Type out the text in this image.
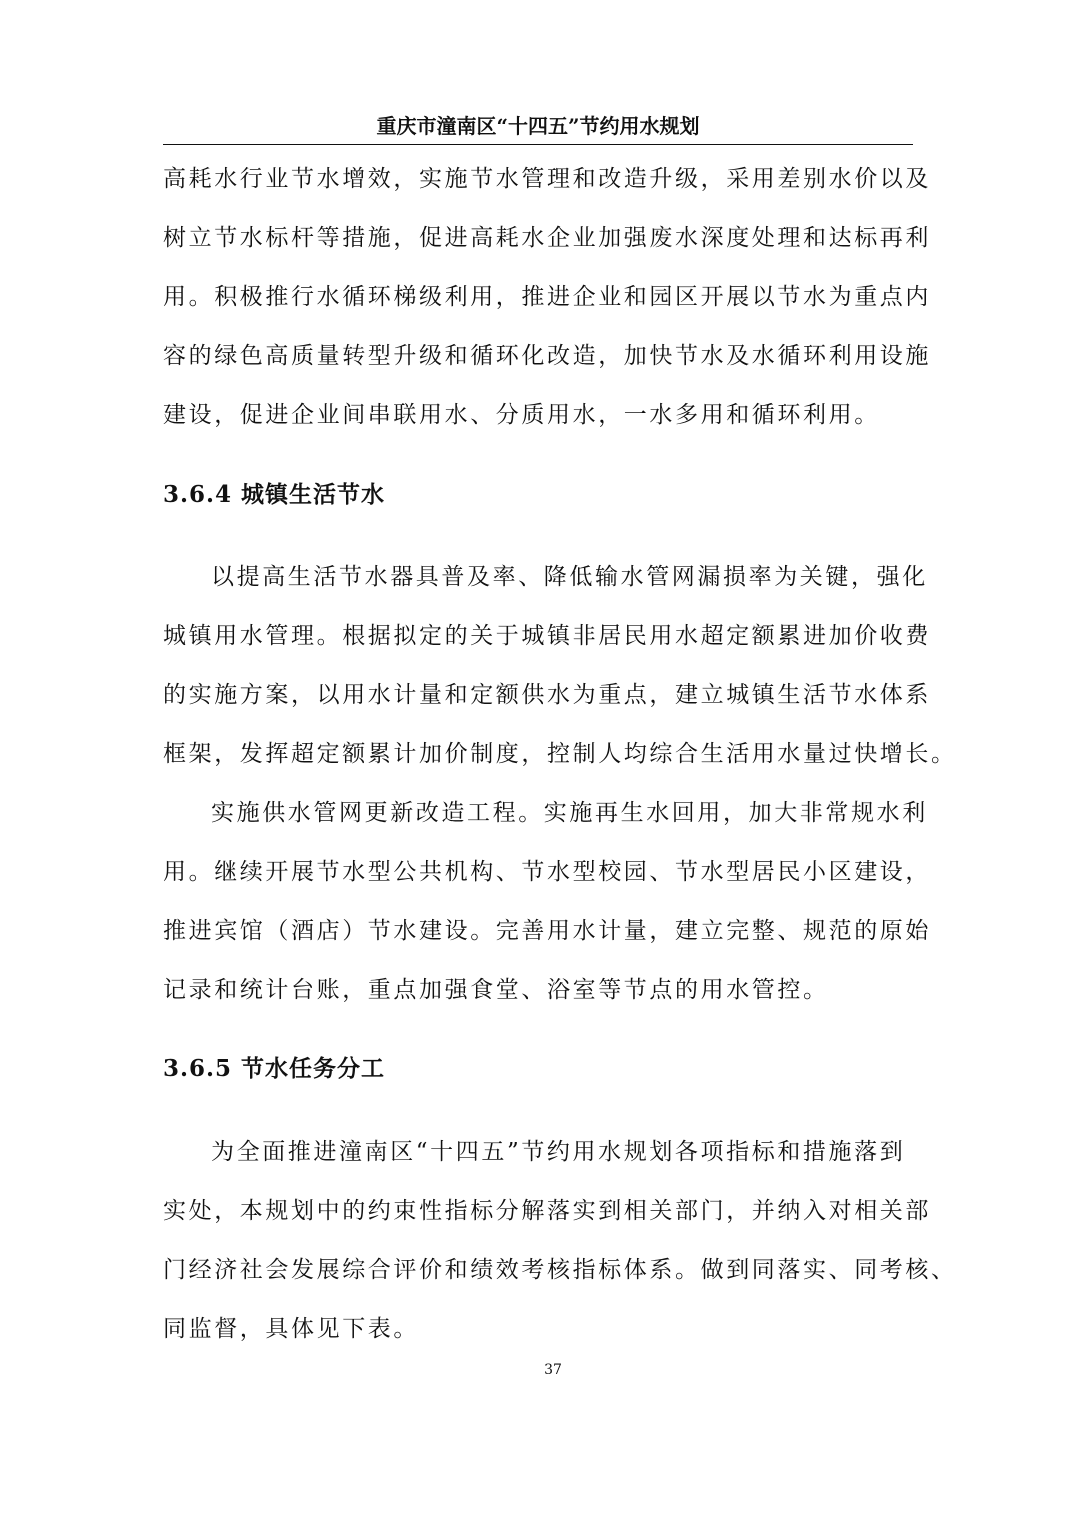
重庆市潼南区“十四五”节约用水规划
高耗水行业节水增效，实施节水管理和改造升级，采用差别水价以及
树立节水标杆等措施，促进高耗水企业加强废水深度处理和达标再利
用。积极推行水循环梯级利用，推进企业和园区开展以节水为重点内
容的绿色高质量转型升级和循环化改造，加快节水及水循环利用设施
建设，促进企业间串联用水、分质用水，一水多用和循环利用。
3.6.4 城镇生活节水
以提高生活节水器具普及率、降低输水管网漏损率为关键，强化
城镇用水管理。根据拟定的关于城镇非居民用水超定额累进加价收费
的实施方案，以用水计量和定额供水为重点，建立城镇生活节水体系
框架，发挥超定额累计加价制度，控制人均综合生活用水量过快增长。
实施供水管网更新改造工程。实施再生水回用，加大非常规水利
用。继续开展节水型公共机构、节水型校园、节水型居民小区建设，
推进宾馆（酒店）节水建设。完善用水计量，建立完整、规范的原始
记录和统计台账，重点加强食堂、浴室等节点的用水管控。
3.6.5 节水任务分工
为全面推进潼南区“十四五”节约用水规划各项指标和措施落到
实处，本规划中的约束性指标分解落实到相关部门，并纳入对相关部
门经济社会发展综合评价和绩效考核指标体系。做到同落实、同考核、
同监督，具体见下表。
37
